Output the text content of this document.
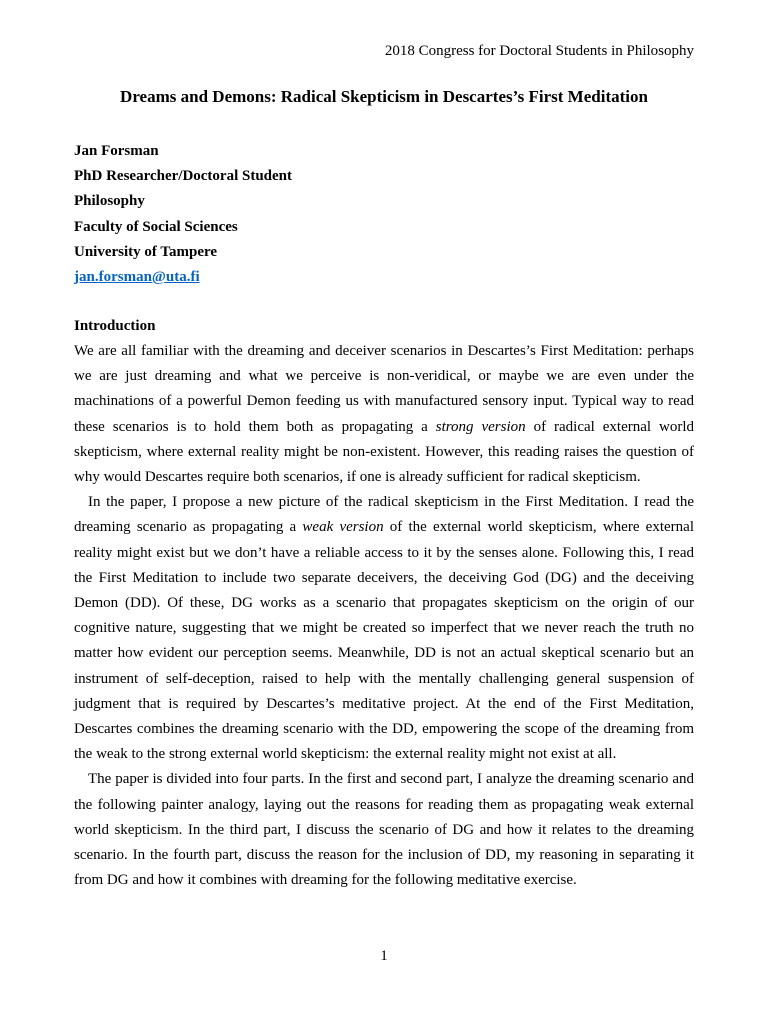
2018 Congress for Doctoral Students in Philosophy
Dreams and Demons: Radical Skepticism in Descartes’s First Meditation
Jan Forsman
PhD Researcher/Doctoral Student
Philosophy
Faculty of Social Sciences
University of Tampere
jan.forsman@uta.fi
Introduction

We are all familiar with the dreaming and deceiver scenarios in Descartes’s First Meditation: perhaps we are just dreaming and what we perceive is non-veridical, or maybe we are even under the machinations of a powerful Demon feeding us with manufactured sensory input. Typical way to read these scenarios is to hold them both as propagating a strong version of radical external world skepticism, where external reality might be non-existent. However, this reading raises the question of why would Descartes require both scenarios, if one is already sufficient for radical skepticism.

In the paper, I propose a new picture of the radical skepticism in the First Meditation. I read the dreaming scenario as propagating a weak version of the external world skepticism, where external reality might exist but we don’t have a reliable access to it by the senses alone. Following this, I read the First Meditation to include two separate deceivers, the deceiving God (DG) and the deceiving Demon (DD). Of these, DG works as a scenario that propagates skepticism on the origin of our cognitive nature, suggesting that we might be created so imperfect that we never reach the truth no matter how evident our perception seems. Meanwhile, DD is not an actual skeptical scenario but an instrument of self-deception, raised to help with the mentally challenging general suspension of judgment that is required by Descartes’s meditative project. At the end of the First Meditation, Descartes combines the dreaming scenario with the DD, empowering the scope of the dreaming from the weak to the strong external world skepticism: the external reality might not exist at all.

The paper is divided into four parts. In the first and second part, I analyze the dreaming scenario and the following painter analogy, laying out the reasons for reading them as propagating weak external world skepticism. In the third part, I discuss the scenario of DG and how it relates to the dreaming scenario. In the fourth part, discuss the reason for the inclusion of DD, my reasoning in separating it from DG and how it combines with dreaming for the following meditative exercise.

1
